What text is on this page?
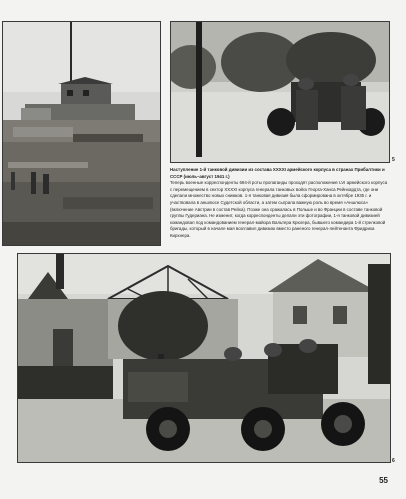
5
Наступление 1-й танковой дивизии из состава XXXXI армейского корпуса в странах Прибалтики и СССР (июль–август 1941 г.)
Теперь военные корреспонденты 694-й роты пропаганды проходят расположение LVI армейского корпуса с перемещением в сектор XXXXI корпуса генерала танковых войск Георга-Ханса Рейнхардта, где они сделали множество новых снимков. 1-я танковая дивизия была сформирована в октябре 1935 г. и участвовала в аншлюсе Судетской области, а затем сыграла важную роль во время «Аншлюса» (включение Австрии в состав Рейха). Позже она сражалась в Польше и во Франции в составе танковой группы Гудериана. Не изменит, когда корреспонденты делали эти фотографии, 1-я танковой дивизией командовал под командованием генерал-майора Вальтера Крюгера, бывшего командира 1-й стрелковой бригады, который в начале мая возглавил дивизию вместо раненого генерал-лейтенанта Фридриха Кирхнера.
6
55
